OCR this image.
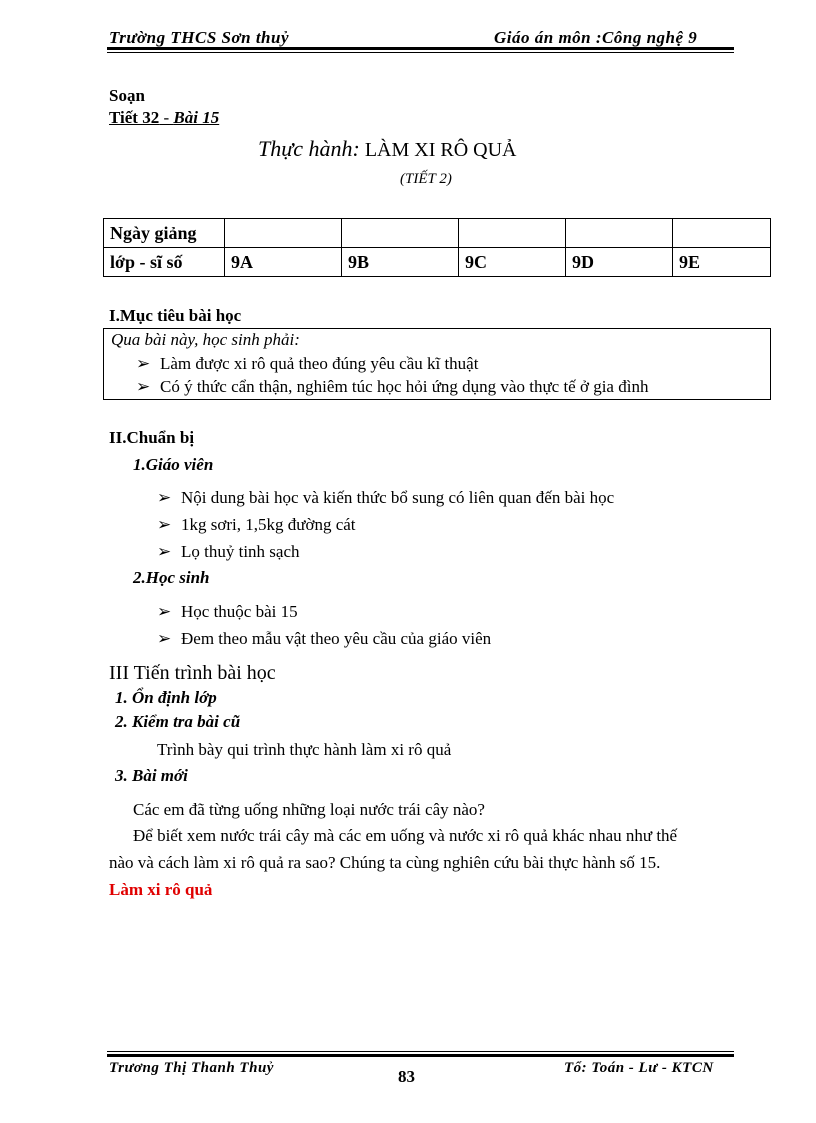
Trường THCS Sơn thuỷ	Giáo án môn :Công nghệ 9
Soạn
Tiết 32 - Bài 15
Thực hành: LÀM XI RÔ QUẢ
(TIẾT 2)
Ngày giảng					
lớp - sĩ số	9A	9B	9C	9D	9E
I.Mục tiêu bài học
Qua bài này, học sinh phải:
➢ Làm được xi rô quả theo đúng yêu cầu kĩ thuật
➢ Có ý thức cẩn thận, nghiêm túc học hỏi ứng dụng vào thực tế ở gia đình
II.Chuẩn bị
1.Giáo viên
➢ Nội dung bài học và kiến thức bổ sung có liên quan đến bài học
➢ 1kg sơri, 1,5kg đường cát
➢ Lọ thuỷ tinh sạch
2.Học sinh
➢ Học thuộc bài 15
➢ Đem theo mẫu vật theo yêu cầu của giáo viên
III Tiến trình bài học
1. Ổn định lớp
2. Kiểm tra bài cũ
Trình bày qui trình thực hành làm xi rô quả
3. Bài mới
Các em đã từng uống những loại nước trái cây nào?
Để biết xem nước trái cây mà các em uống và nước xi rô quả khác nhau như thế
nào và cách làm xi rô quả ra sao? Chúng ta cùng nghiên cứu bài thực hành số 15.
Làm xi rô quả
Trương Thị Thanh Thuỷ	83	Tổ: Toán - Lư - KTCN
